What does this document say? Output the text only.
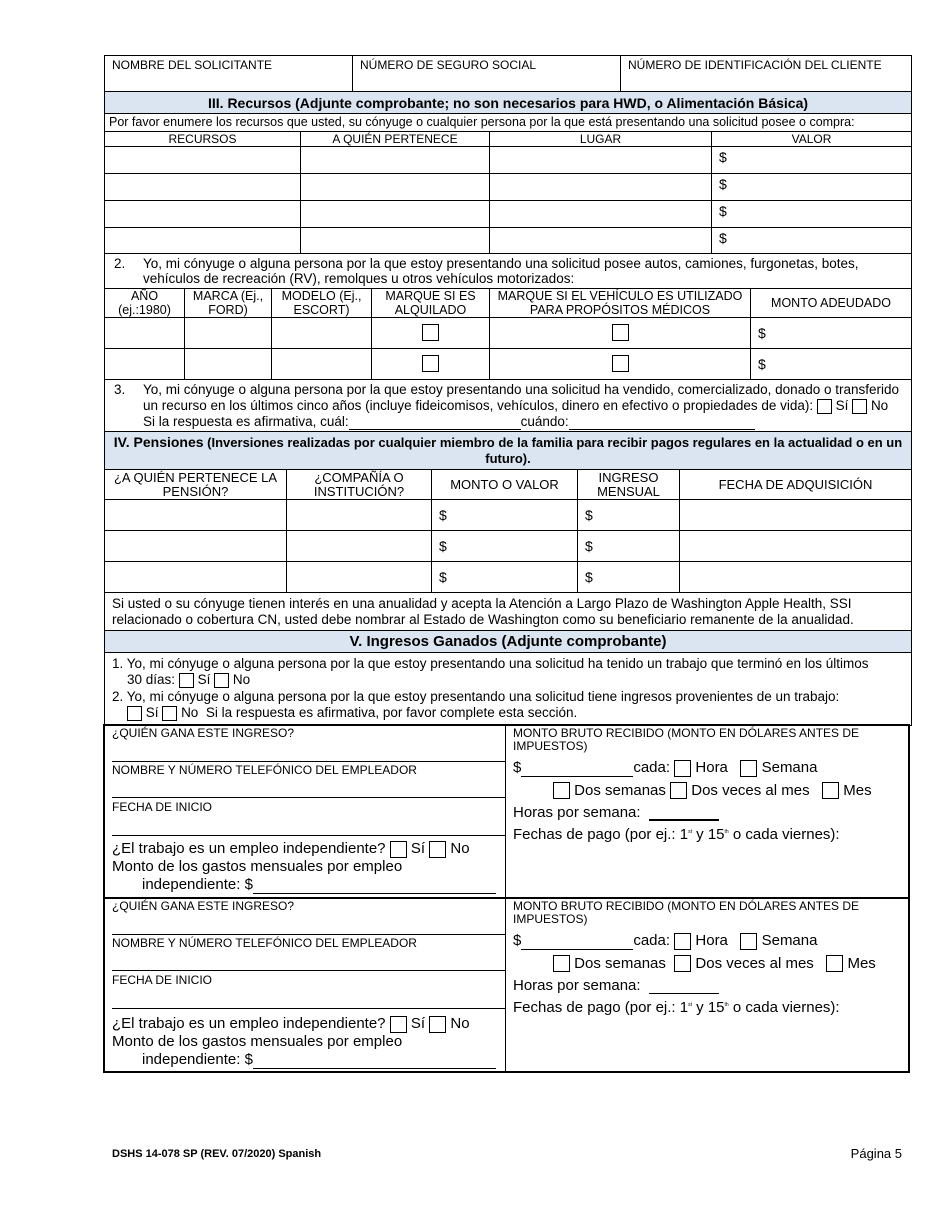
NOMBRE DEL SOLICITANTE	NÚMERO DE SEGURO SOCIAL	NÚMERO DE IDENTIFICACIÓN DEL CLIENTE
III. Recursos (Adjunte comprobante; no son necesarios para HWD, o Alimentación Básica)			
Por favor enumere los recursos que usted, su cónyuge o cualquier persona por la que está presentando una solicitud posee o compra:			
RECURSOS	A QUIÉN PERTENECE	LUGAR	VALOR
			$
			$
			$
			$
2. Yo, mi cónyuge o alguna persona por la que estoy presentando una solicitud posee autos, camiones, furgonetas, botes, vehículos de recreación (RV), remolques u otros vehículos motorizados:					

AÑO (ej.:1980)	MARCA (Ej., FORD)	MODELO (Ej., ESCORT)	MARQUE SI ES ALQUILADO	MARQUE SI EL VEHÍCULO ES UTILIZADO PARA PROPÓSITOS MÉDICOS	MONTO ADEUDADO
					$
					$
3.	Yo, mi cónyuge o alguna persona por la que estoy presentando una solicitud ha vendido, comercializado, donado o transferido un recurso en los últimos cinco años (incluye fideicomisos, vehículos, dinero en efectivo o propiedades de vida): Sí No  Si la respuesta es afirmativa, cuál:	cuándo:
IV. Pensiones (Inversiones realizadas por cualquier miembro de la familia para recibir pagos regulares en la actualidad o en un futuro).				
¿A QUIÉN PERTENECE LA PENSIÓN?	¿COMPAÑÍA O INSTITUCIÓN?	MONTO O VALOR	INGRESO MENSUAL	FECHA DE ADQUISICIÓN
		$	$	
		$	$	
		$	$	
Si usted o su cónyuge tienen interés en una anualidad y acepta la Atención a Largo Plazo de Washington Apple Health, SSI relacionado o cobertura CN, usted debe nombrar al Estado de Washington como su beneficiario remanente de la anualidad.				
V. Ingresos Ganados (Adjunte comprobante)

1. Yo, mi cónyuge o alguna persona por la que estoy presentando una solicitud ha tenido un trabajo que terminó en los últimos
30 días: Sí No
2. Yo, mi cónyuge o alguna persona por la que estoy presentando una solicitud tiene ingresos provenientes de un trabajo:
Sí No Si la respuesta es afirmativa, por favor complete esta sección.
¿QUIÉN GANA ESTE INGRESO?
NOMBRE Y NÚMERO TELEFÓNICO DEL EMPLEADOR
FECHA DE INICIO
¿El trabajo es un empleo independiente? Sí No
Monto de los gastos mensuales por empleo
independiente: $
MONTO BRUTO RECIBIDO (MONTO EN DÓLARES ANTES DE IMPUESTOS)
$	cada: Hora Semana
Dos semanas Dos veces al mes Mes
Horas por semana:
Fechas de pago (por ej.: 1st y 15th o cada viernes):
¿QUIÉN GANA ESTE INGRESO?
NOMBRE Y NÚMERO TELEFÓNICO DEL EMPLEADOR
FECHA DE INICIO
¿El trabajo es un empleo independiente? Sí No
Monto de los gastos mensuales por empleo
independiente: $
MONTO BRUTO RECIBIDO (MONTO EN DÓLARES ANTES DE IMPUESTOS)
$	cada: Hora Semana
Dos semanas Dos veces al mes Mes
Horas por semana:
Fechas de pago (por ej.: 1st y 15th o cada viernes):
DSHS 14-078 SP (REV. 07/2020) Spanish	Página 5
